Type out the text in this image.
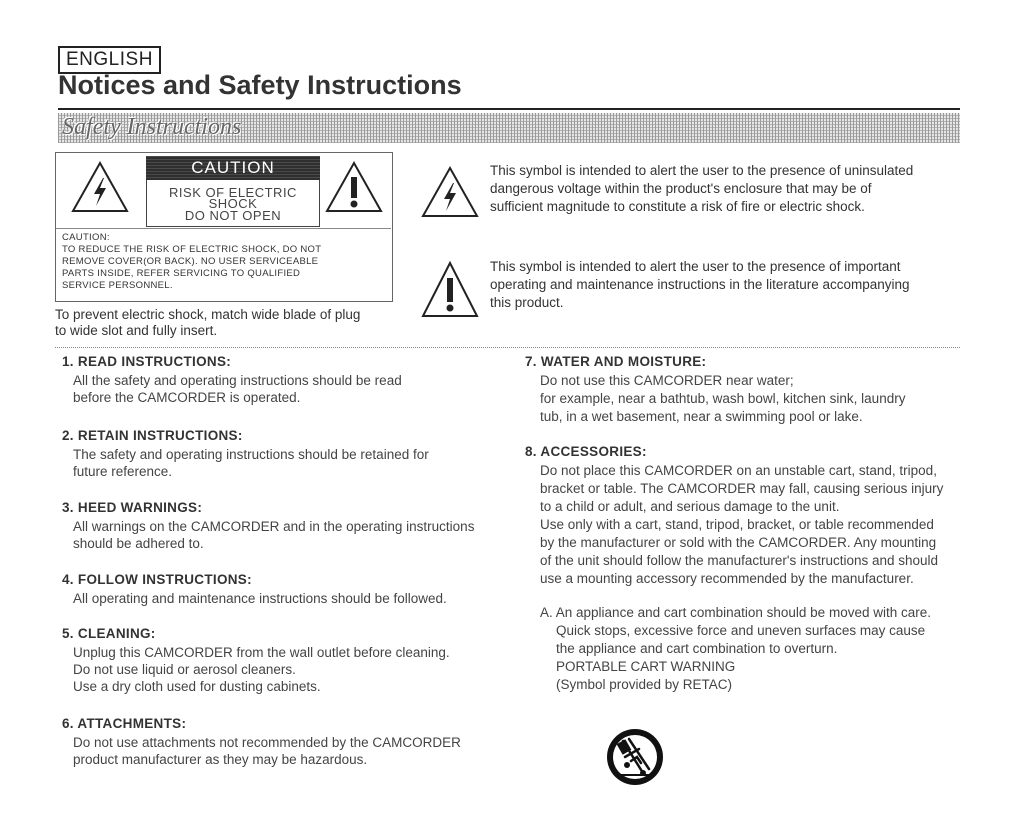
ENGLISH
Notices and Safety Instructions
Safety Instructions
CAUTION
RISK OF ELECTRIC
SHOCK
DO NOT OPEN
CAUTION:
TO REDUCE THE RISK OF ELECTRIC SHOCK, DO NOT
REMOVE COVER(OR BACK). NO USER SERVICEABLE
PARTS INSIDE, REFER SERVICING TO QUALIFIED
SERVICE PERSONNEL.
To prevent electric shock, match wide blade of plug
to wide slot and fully insert.
This symbol is intended to alert the user to the presence of uninsulated
dangerous voltage within the product's enclosure that may be of
sufficient magnitude to constitute a risk of fire or electric shock.
This symbol is intended to alert the user to the presence of important
operating and maintenance instructions in the literature accompanying
this product.
1. READ INSTRUCTIONS:
All the safety and operating instructions should be read
before the CAMCORDER is operated.
2. RETAIN INSTRUCTIONS:
The safety and operating instructions should be retained for
future reference.
3. HEED WARNINGS:
All warnings on the CAMCORDER and in the operating instructions
should be adhered to.
4. FOLLOW INSTRUCTIONS:
All operating and maintenance instructions should be followed.
5. CLEANING:
Unplug this CAMCORDER from the wall outlet before cleaning.
Do not use liquid or aerosol cleaners.
Use a dry cloth used for dusting cabinets.
6. ATTACHMENTS:
Do not use attachments not recommended by the CAMCORDER
product manufacturer as they may be hazardous.
7. WATER AND MOISTURE:
Do not use this CAMCORDER near water;
for example, near a bathtub, wash bowl, kitchen sink, laundry
tub, in a wet basement, near a swimming pool or lake.
8. ACCESSORIES:
Do not place this CAMCORDER on an unstable cart, stand, tripod,
bracket or table. The CAMCORDER may fall, causing serious injury
to a child or adult, and serious damage to the unit.
Use only with a cart, stand, tripod, bracket, or table recommended
by the manufacturer or sold with the CAMCORDER. Any mounting
of the unit should follow the manufacturer's instructions and should
use a mounting accessory recommended by the manufacturer.
A. An appliance and cart combination should be moved with care.
Quick stops, excessive force and uneven surfaces may cause
the appliance and cart combination to overturn.
PORTABLE CART WARNING
(Symbol provided by RETAC)
